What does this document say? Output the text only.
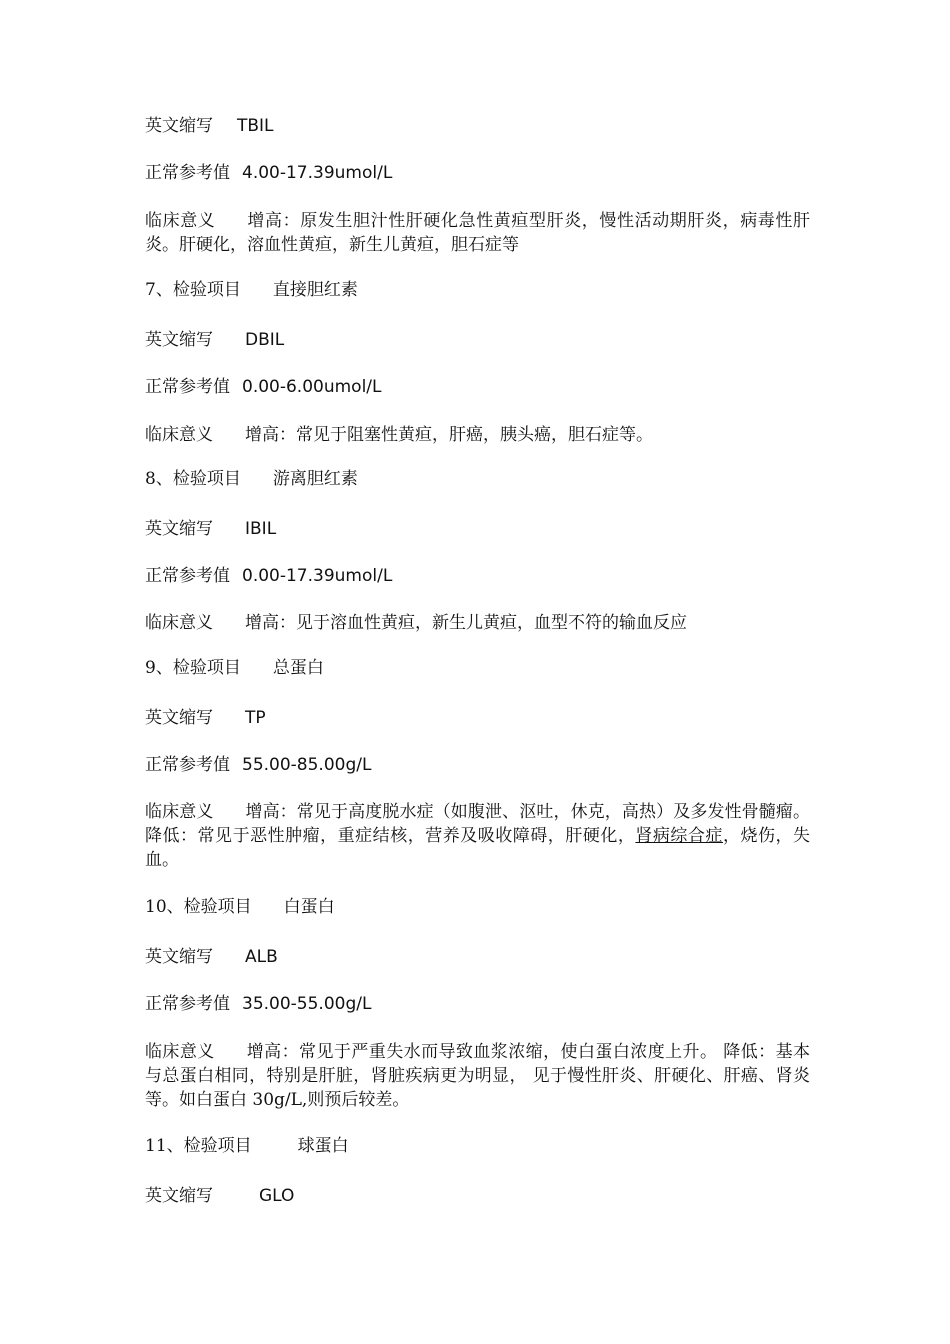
英文缩写 TBIL
正常参考值 4.00-17.39umol/L
临床意义 增高：原发生胆汁性肝硬化急性黄疸型肝炎，慢性活动期肝炎，病毒性肝炎。肝硬化，溶血性黄疸，新生儿黄疸，胆石症等
7、检验项目 直接胆红素
英文缩写 DBIL
正常参考值 0.00-6.00umol/L
临床意义 增高：常见于阻塞性黄疸，肝癌，胰头癌，胆石症等。
8、检验项目 游离胆红素
英文缩写 IBIL
正常参考值 0.00-17.39umol/L
临床意义 增高：见于溶血性黄疸，新生儿黄疸，血型不符的输血反应
9、检验项目 总蛋白
英文缩写 TP
正常参考值 55.00-85.00g/L
临床意义 增高：常见于高度脱水症（如腹泄、沤吐，休克，高热）及多发性骨髓瘤。 降低：常见于恶性肿瘤，重症结核，营养及吸收障碍，肝硬化，肾病综合症，烧伤，失血。
10、检验项目 白蛋白
英文缩写 ALB
正常参考值 35.00-55.00g/L
临床意义 增高：常见于严重失水而导致血浆浓缩，使白蛋白浓度上升。 降低：基本与总蛋白相同，特别是肝脏，肾脏疾病更为明显， 见于慢性肝炎、肝硬化、肝癌、肾炎等。如白蛋白 30g/L,则预后较差。
11、检验项目	球蛋白
英文缩写	GLO
